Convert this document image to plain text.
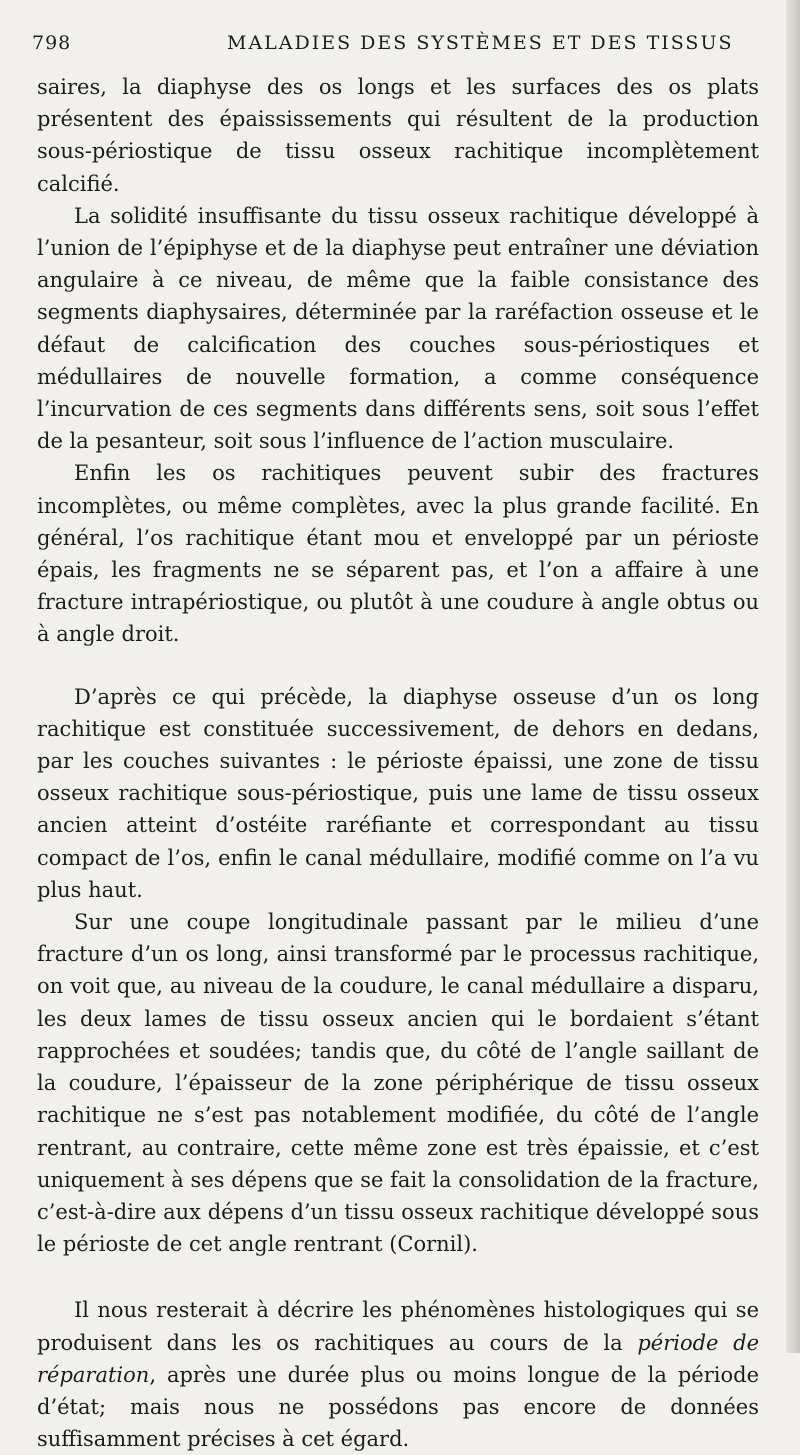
798	MALADIES DES SYSTÈMES ET DES TISSUS

saires, la diaphyse des os longs et les surfaces des os plats présentent des épaississements qui résultent de la production sous-périostique de tissu osseux rachitique incomplètement calcifié.

La solidité insuffisante du tissu osseux rachitique développé à l’union de l’épiphyse et de la diaphyse peut entraîner une déviation angulaire à ce niveau, de même que la faible consistance des segments diaphysaires, déterminée par la raréfaction osseuse et le défaut de calcification des couches sous-périostiques et médullaires de nouvelle formation, a comme conséquence l’incurvation de ces segments dans différents sens, soit sous l’effet de la pesanteur, soit sous l’influence de l’action musculaire.

Enfin les os rachitiques peuvent subir des fractures incomplètes, ou même complètes, avec la plus grande facilité. En général, l’os rachitique étant mou et enveloppé par un périoste épais, les fragments ne se séparent pas, et l’on a affaire à une fracture intrapériostique, ou plutôt à une coudure à angle obtus ou à angle droit.

D’après ce qui précède, la diaphyse osseuse d’un os long rachitique est constituée successivement, de dehors en dedans, par les couches suivantes : le périoste épaissi, une zone de tissu osseux rachitique sous-périostique, puis une lame de tissu osseux ancien atteint d’ostéite raréfiante et correspondant au tissu compact de l’os, enfin le canal médullaire, modifié comme on l’a vu plus haut.

Sur une coupe longitudinale passant par le milieu d’une fracture d’un os long, ainsi transformé par le processus rachitique, on voit que, au niveau de la coudure, le canal médullaire a disparu, les deux lames de tissu osseux ancien qui le bordaient s’étant rapprochées et soudées; tandis que, du côté de l’angle saillant de la coudure, l’épaisseur de la zone périphérique de tissu osseux rachitique ne s’est pas notablement modifiée, du côté de l’angle rentrant, au contraire, cette même zone est très épaissie, et c’est uniquement à ses dépens que se fait la consolidation de la fracture, c’est-à-dire aux dépens d’un tissu osseux rachitique développé sous le périoste de cet angle rentrant (Cornil).

Il nous resterait à décrire les phénomènes histologiques qui se produisent dans les os rachitiques au cours de la période de réparation, après une durée plus ou moins longue de la période d’état; mais nous ne possédons pas encore de données suffisamment précises à cet égard.
